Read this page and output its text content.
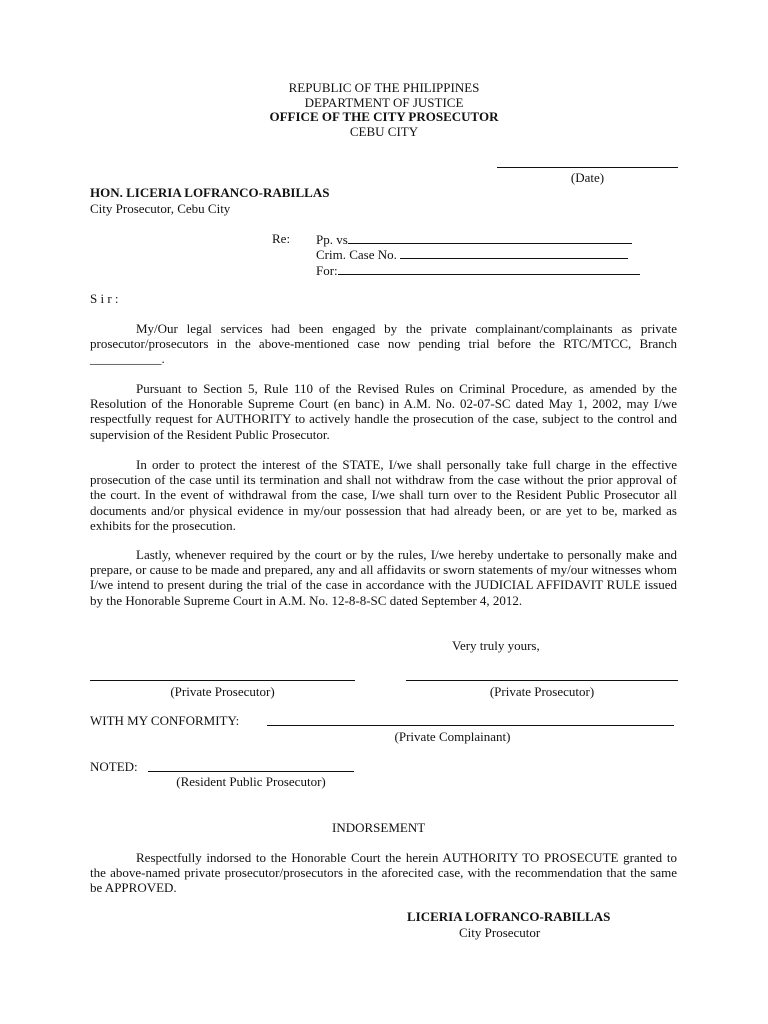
REPUBLIC OF THE PHILIPPINES
DEPARTMENT OF JUSTICE
OFFICE OF THE CITY PROSECUTOR
CEBU CITY
(Date)
HON. LICERIA LOFRANCO-RABILLAS
City Prosecutor, Cebu City
Re: Pp. vs
Crim. Case No.
For:
S i r :

My/Our legal services had been engaged by the private complainant/complainants as private prosecutor/prosecutors in the above-mentioned case now pending trial before the RTC/MTCC, Branch ___________.

Pursuant to Section 5, Rule 110 of the Revised Rules on Criminal Procedure, as amended by the Resolution of the Honorable Supreme Court (en banc) in A.M. No. 02-07-SC dated May 1, 2002, may I/we respectfully request for AUTHORITY to actively handle the prosecution of the case, subject to the control and supervision of the Resident Public Prosecutor.

In order to protect the interest of the STATE, I/we shall personally take full charge in the effective prosecution of the case until its termination and shall not withdraw from the case without the prior approval of the court. In the event of withdrawal from the case, I/we shall turn over to the Resident Public Prosecutor all documents and/or physical evidence in my/our possession that had already been, or are yet to be, marked as exhibits for the prosecution.

Lastly, whenever required by the court or by the rules, I/we hereby undertake to personally make and prepare, or cause to be made and prepared, any and all affidavits or sworn statements of my/our witnesses whom I/we intend to present during the trial of the case in accordance with the JUDICIAL AFFIDAVIT RULE issued by the Honorable Supreme Court in A.M. No. 12-8-8-SC dated September 4, 2012.

Very truly yours,
(Private Prosecutor)	(Private Prosecutor)
WITH MY CONFORMITY:
(Private Complainant)
NOTED:
(Resident Public Prosecutor)
INDORSEMENT

Respectfully indorsed to the Honorable Court the herein AUTHORITY TO PROSECUTE granted to the above-named private prosecutor/prosecutors in the aforecited case, with the recommendation that the same be APPROVED.

LICERIA LOFRANCO-RABILLAS
City Prosecutor
